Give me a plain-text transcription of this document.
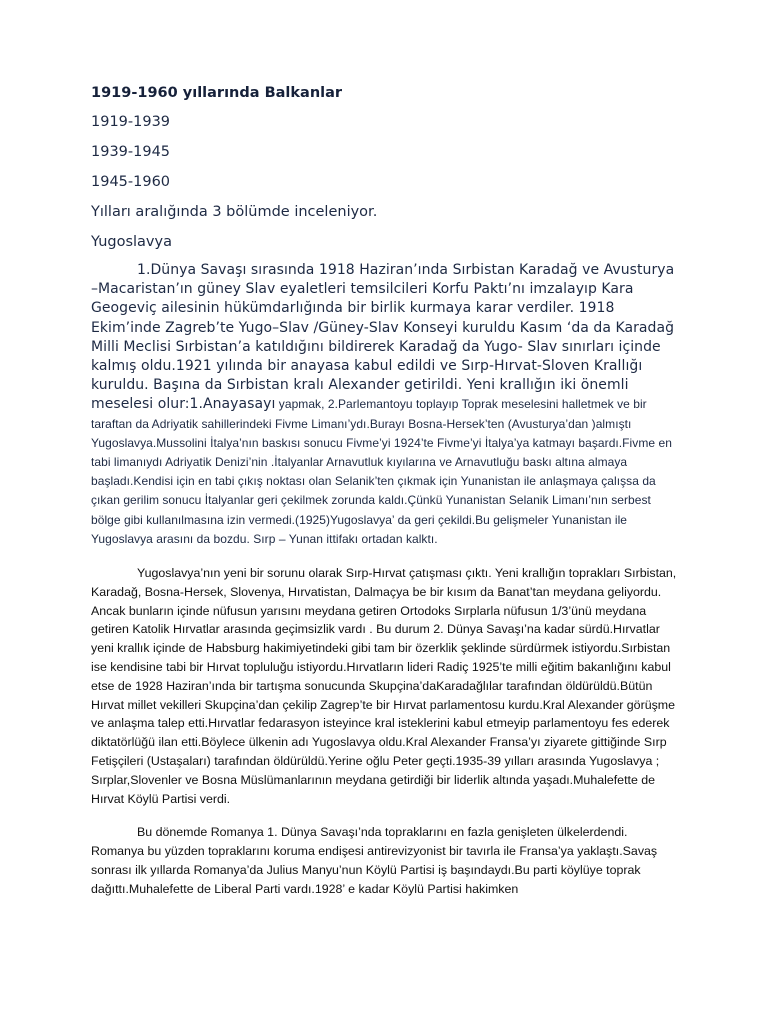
1919-1960 yıllarında Balkanlar

1919-1939

1939-1945

1945-1960

Yılları aralığında 3 bölümde inceleniyor.

Yugoslavya

1.Dünya Savaşı sırasında 1918 Haziran’ında Sırbistan Karadağ ve Avusturya –Macaristan’ın güney Slav eyaletleri temsilcileri Korfu Paktı’nı imzalayıp Kara Geogeviç ailesinin hükümdarlığında bir birlik kurmaya karar verdiler. 1918 Ekim’inde Zagreb’te Yugo–Slav /Güney-Slav Konseyi kuruldu Kasım ‘da da Karadağ Milli Meclisi Sırbistan’a katıldığını bildirerek Karadağ da Yugo- Slav sınırları içinde kalmış oldu.1921 yılında bir anayasa kabul edildi ve Sırp-Hırvat-Sloven Krallığı kuruldu. Başına da Sırbistan kralı Alexander getirildi. Yeni krallığın iki önemli meselesi olur:1.Anayasayı yapmak, 2.Parlemantoyu toplayıp Toprak meselesini halletmek ve bir taraftan da Adriyatik sahillerindeki Fivme Limanı’ydı.Burayı Bosna-Hersek’ten (Avusturya’dan )almıştı Yugoslavya.Mussolini İtalya’nın baskısı sonucu Fivme’yi 1924’te Fivme’yi İtalya’ya katmayı başardı.Fivme en tabi limanıydı Adriyatik Denizi’nin .İtalyanlar Arnavutluk kıyılarına ve Arnavutluğu baskı altına almaya başladı.Kendisi için en tabi çıkış noktası olan Selanik’ten çıkmak için Yunanistan ile anlaşmaya çalışsa da çıkan gerilim sonucu İtalyanlar geri çekilmek zorunda kaldı.Çünkü Yunanistan Selanik Limanı’nın serbest bölge gibi kullanılmasına izin vermedi.(1925)Yugoslavya’ da geri çekildi.Bu gelişmeler Yunanistan ile Yugoslavya arasını da bozdu. Sırp – Yunan ittifakı ortadan kalktı.

Yugoslavya’nın yeni bir sorunu olarak Sırp-Hırvat çatışması çıktı. Yeni krallığın toprakları Sırbistan, Karadağ, Bosna-Hersek, Slovenya, Hırvatistan, Dalmaçya be bir kısım da Banat’tan meydana geliyordu. Ancak bunların içinde nüfusun yarısını meydana getiren Ortodoks Sırplarla nüfusun 1/3’ünü meydana getiren Katolik Hırvatlar arasında geçimsizlik vardı . Bu durum 2. Dünya Savaşı’na kadar sürdü.Hırvatlar yeni krallık içinde de Habsburg hakimiyetindeki gibi tam bir özerklik şeklinde sürdürmek istiyordu.Sırbistan ise kendisine tabi bir Hırvat topluluğu istiyordu.Hırvatların lideri Radiç 1925’te milli eğitim bakanlığını kabul etse de 1928 Haziran’ında bir tartışma sonucunda Skupçina’daKaradağlılar tarafından öldürüldü.Bütün Hırvat millet vekilleri Skupçina’dan çekilip Zagrep’te bir Hırvat parlamentosu kurdu.Kral Alexander görüşme ve anlaşma talep etti.Hırvatlar fedarasyon isteyince kral isteklerini kabul etmeyip parlamentoyu fes ederek diktatörlüğü ilan etti.Böylece ülkenin adı Yugoslavya oldu.Kral Alexander Fransa’yı ziyarete gittiğinde Sırp Fetişçileri (Ustaşaları) tarafından öldürüldü.Yerine oğlu Peter geçti.1935-39 yılları arasında Yugoslavya ; Sırplar,Slovenler ve Bosna Müslümanlarının meydana getirdiği bir liderlik altında yaşadı.Muhalefette de Hırvat Köylü Partisi verdi.

Bu dönemde Romanya 1. Dünya Savaşı’nda topraklarını en fazla genişleten ülkelerdendi. Romanya bu yüzden topraklarını koruma endişesi antirevizyonist bir tavırla ile Fransa’ya yaklaştı.Savaş sonrası ilk yıllarda Romanya’da Julius Manyu’nun Köylü Partisi iş başındaydı.Bu parti köylüye toprak dağıttı.Muhalefette de Liberal Parti vardı.1928’ e kadar Köylü Partisi hakimken
